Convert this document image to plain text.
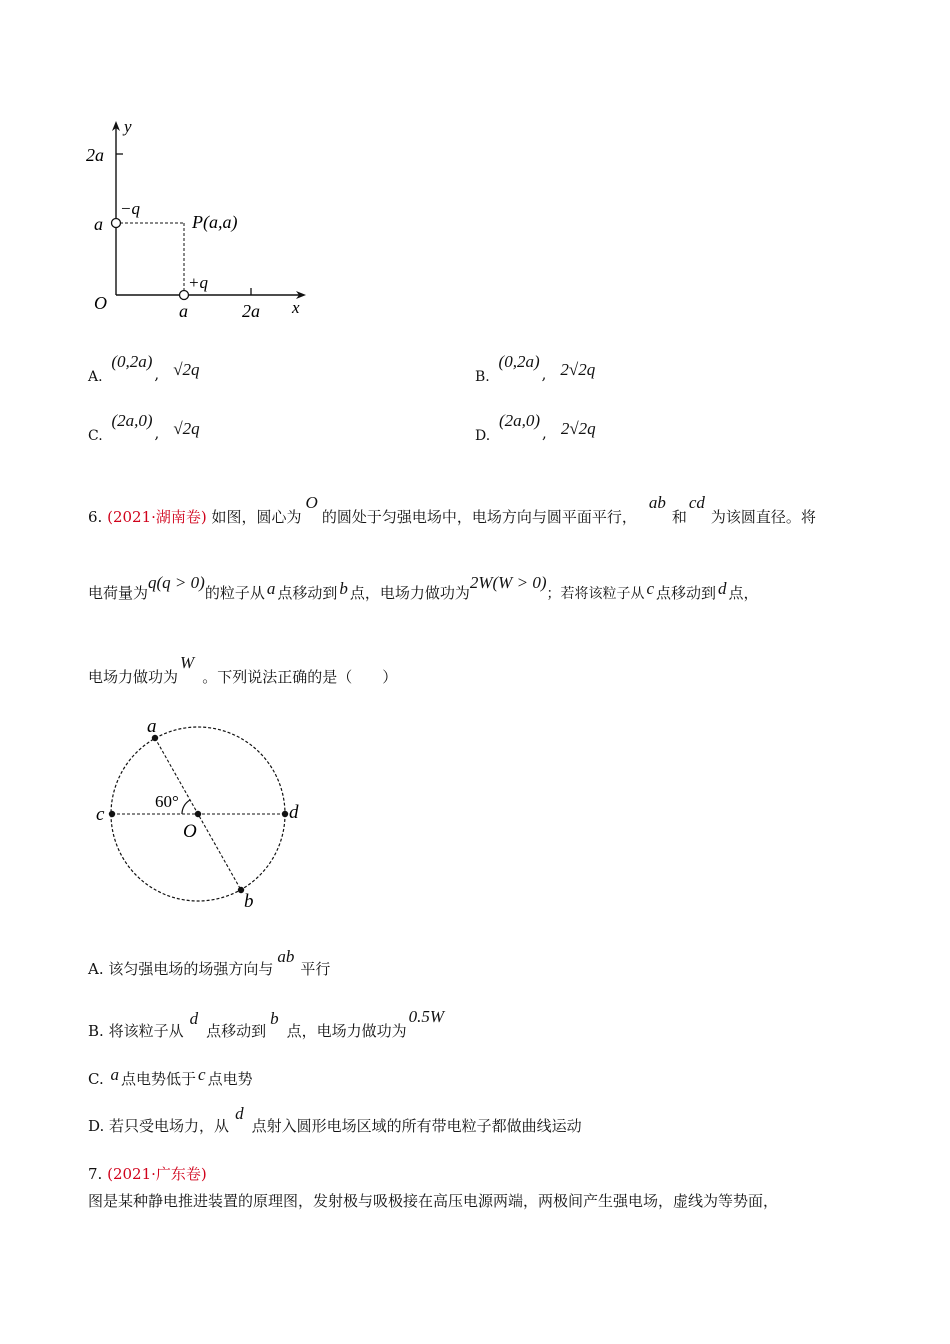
y
2a
a
−q
P(a,a)
+q
O	a	2a x
A. (0,2a), √2q	B. (0,2a), 2√2q
C. (2a,0), √2q	D. (2a,0), 2√2q
6. (2021·湖南卷) 如图，圆心为O的圆处于匀强电场中，电场方向与圆平面平行，ab和cd为该圆直径。将
电荷量为q(q > 0)的粒子从 a 点移动到 b 点，电场力做功为2W(W > 0)；若将该粒子从 c 点移动到 d 点，
电场力做功为W。下列说法正确的是（　　）
a
b
c	d
O
60°
A. 该匀强电场的场强方向与ab平行
B. 将该粒子从d点移动到b点，电场力做功为0.5W
C. a 点电势低于 c 点电势
D. 若只受电场力，从d点射入圆形电场区域的所有带电粒子都做曲线运动
7. (2021·广东卷)
图是某种静电推进装置的原理图，发射极与吸极接在高压电源两端，两极间产生强电场，虚线为等势面，
